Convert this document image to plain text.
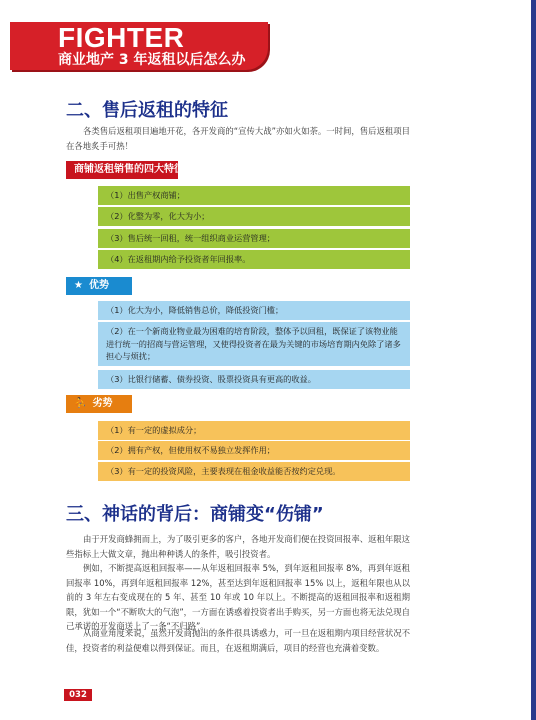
FIGHTER
商业地产 3 年返租以后怎么办
二、售后返租的特征
各类售后返租项目遍地开花，各开发商的“宣传大战”亦如火如荼。一时间，售后返租项目在各地炙手可热！
商铺返租销售的四大特征
（1）出售产权商铺；
（2）化整为零，化大为小；
（3）售后统一回租，统一组织商业运营管理；
（4）在返租期内给予投资者年回报率。
★ 优势
（1）化大为小，降低销售总价，降低投资门槛；
（2）在一个新商业物业最为困难的培育阶段，整体予以回租，既保证了该物业能进行统一的招商与营运管理，又使得投资者在最为关键的市场培育期内免除了诸多担心与烦扰；
（3）比银行储蓄、债券投资、股票投资具有更高的收益。
⛹ 劣势
（1）有一定的虚拟成分；
（2）拥有产权，但使用权不易独立发挥作用；
（3）有一定的投资风险，主要表现在租金收益能否按约定兑现。
三、神话的背后：商铺变“伤铺”
由于开发商蜂拥而上，为了吸引更多的客户，各地开发商们便在投资回报率、返租年限这些指标上大做文章，抛出种种诱人的条件，吸引投资者。
例如，不断提高返租回报率——从年返租回报率 5%，到年返租回报率 8%，再到年返租回报率 10%，再到年返租回报率 12%，甚至达到年返租回报率 15% 以上，返租年限也从以前的 3 年左右变成现在的 5 年、甚至 10 年或 10 年以上。不断提高的返租回报率和返租期限，犹如一个“不断吹大的气泡”，一方面在诱惑着投资者出手购买，另一方面也将无法兑现自己承诺的开发商送上了一条“不归路”。
从商业角度来说，虽然开发商抛出的条件很具诱惑力，可一旦在返租期内项目经营状况不佳，投资者的利益便难以得到保证。而且，在返租期满后，项目的经营也充满着变数。
032
